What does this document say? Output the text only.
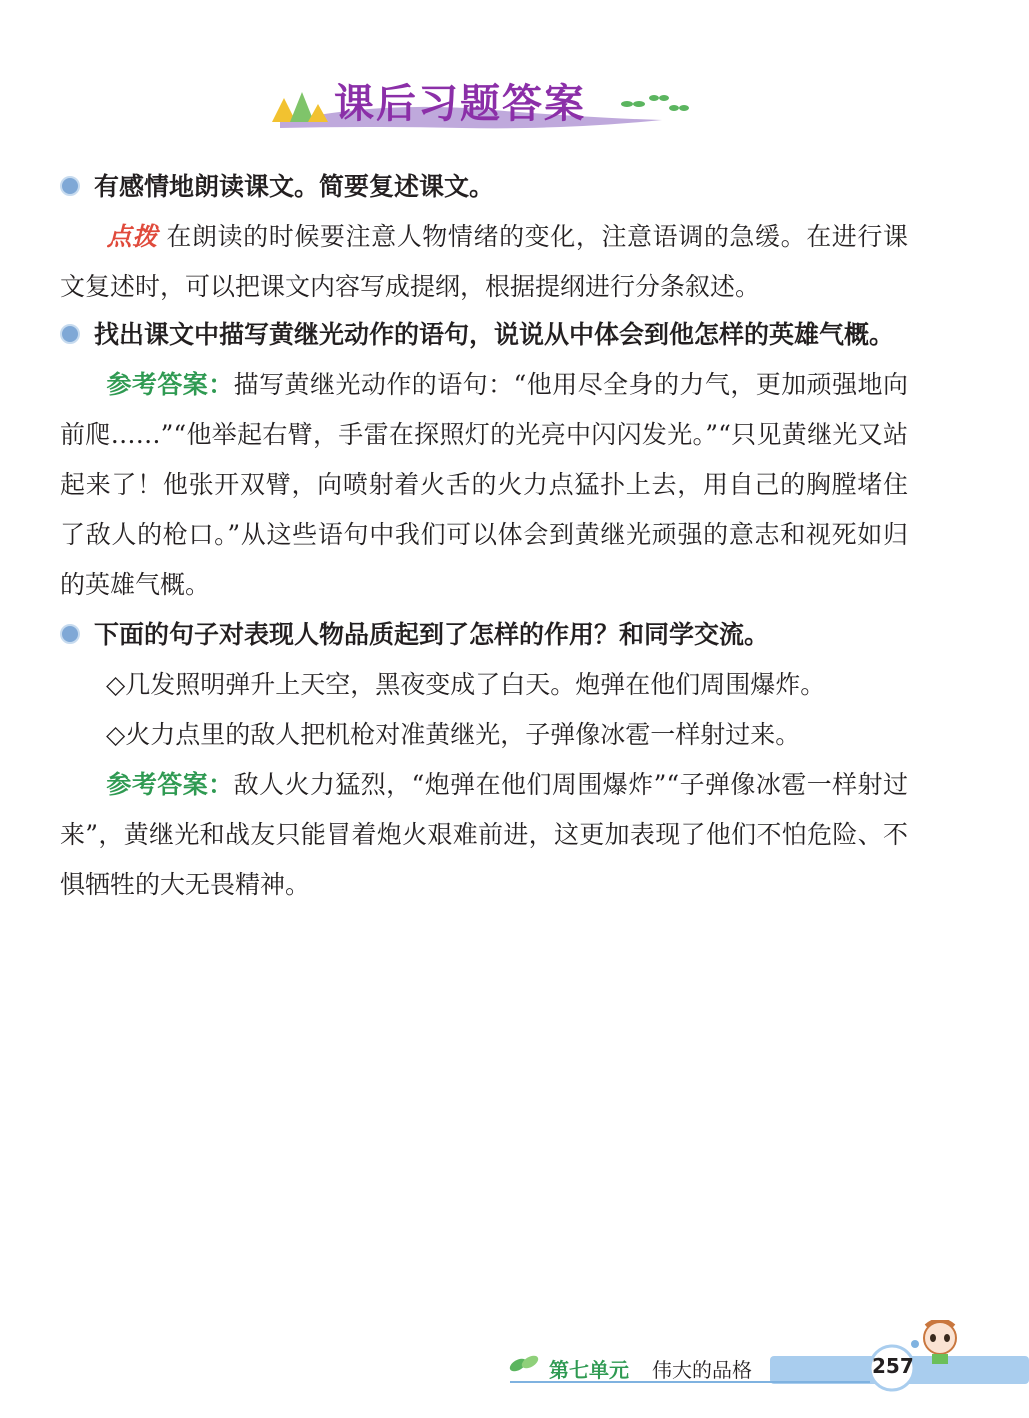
课后习题答案
有感情地朗读课文。简要复述课文。
点拨 在朗读的时候要注意人物情绪的变化，注意语调的急缓。在进行课文复述时，可以把课文内容写成提纲，根据提纲进行分条叙述。
找出课文中描写黄继光动作的语句，说说从中体会到他怎样的英雄气概。
参考答案：描写黄继光动作的语句：“他用尽全身的力气，更加顽强地向前爬……”“他举起右臂，手雷在探照灯的光亮中闪闪发光。”“只见黄继光又站起来了！他张开双臂，向喷射着火舌的火力点猛扑上去，用自己的胸膛堵住了敌人的枪口。”从这些语句中我们可以体会到黄继光顽强的意志和视死如归的英雄气概。
下面的句子对表现人物品质起到了怎样的作用？和同学交流。
◇几发照明弹升上天空，黑夜变成了白天。炮弹在他们周围爆炸。
◇火力点里的敌人把机枪对准黄继光，子弹像冰雹一样射过来。
参考答案：敌人火力猛烈，“炮弹在他们周围爆炸”“子弹像冰雹一样射过来”，黄继光和战友只能冒着炮火艰难前进，这更加表现了他们不怕危险、不惧牺牲的大无畏精神。
第七单元 伟大的品格	257
